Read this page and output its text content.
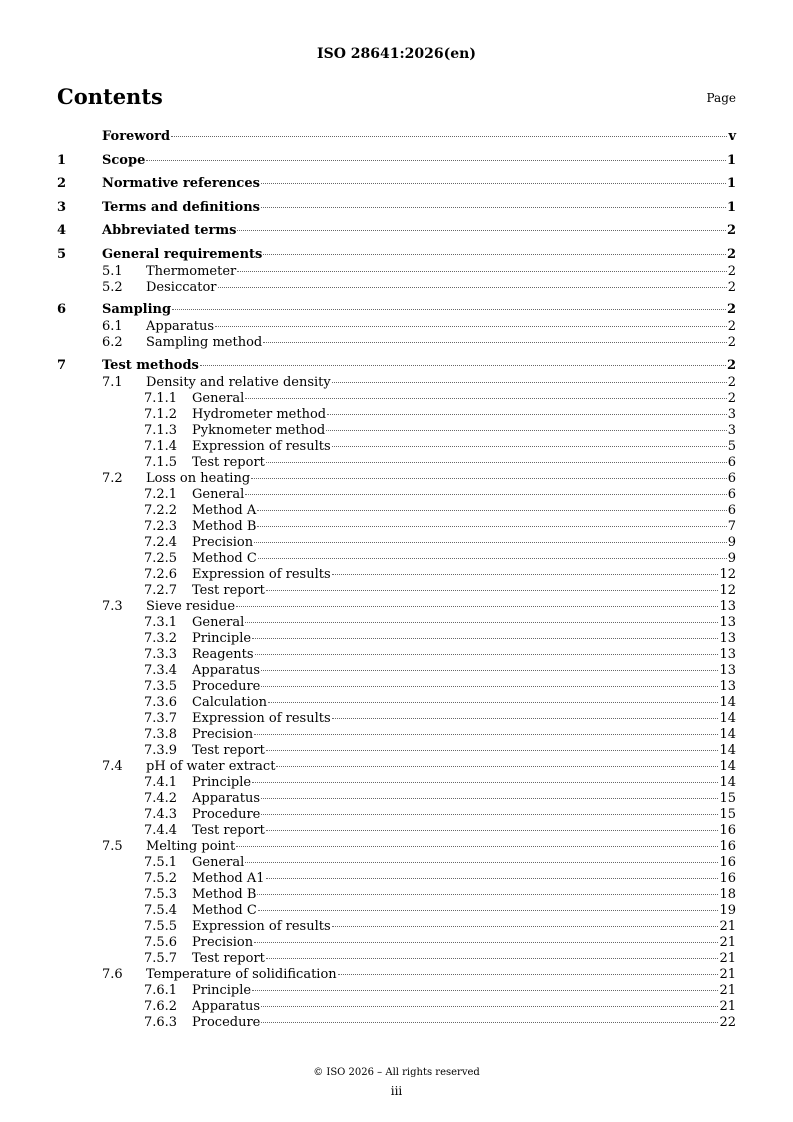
ISO 28641:2026(en)
Contents	Page
Foreword	v
1	Scope	1
2	Normative references	1
3	Terms and definitions	1
4	Abbreviated terms	2
5	General requirements	2
5.1	Thermometer	2
5.2	Desiccator	2
6	Sampling	2
6.1	Apparatus	2
6.2	Sampling method	2
7	Test methods	2
7.1	Density and relative density	2
7.1.1	General	2
7.1.2	Hydrometer method	3
7.1.3	Pyknometer method	3
7.1.4	Expression of results	5
7.1.5	Test report	6
7.2	Loss on heating	6
7.2.1	General	6
7.2.2	Method A	6
7.2.3	Method B	7
7.2.4	Precision	9
7.2.5	Method C	9
7.2.6	Expression of results	12
7.2.7	Test report	12
7.3	Sieve residue	13
7.3.1	General	13
7.3.2	Principle	13
7.3.3	Reagents	13
7.3.4	Apparatus	13
7.3.5	Procedure	13
7.3.6	Calculation	14
7.3.7	Expression of results	14
7.3.8	Precision	14
7.3.9	Test report	14
7.4	pH of water extract	14
7.4.1	Principle	14
7.4.2	Apparatus	15
7.4.3	Procedure	15
7.4.4	Test report	16
7.5	Melting point	16
7.5.1	General	16
7.5.2	Method A1	16
7.5.3	Method B	18
7.5.4	Method C	19
7.5.5	Expression of results	21
7.5.6	Precision	21
7.5.7	Test report	21
7.6	Temperature of solidification	21
7.6.1	Principle	21
7.6.2	Apparatus	21
7.6.3	Procedure	22
© ISO 2026 – All rights reserved
iii
